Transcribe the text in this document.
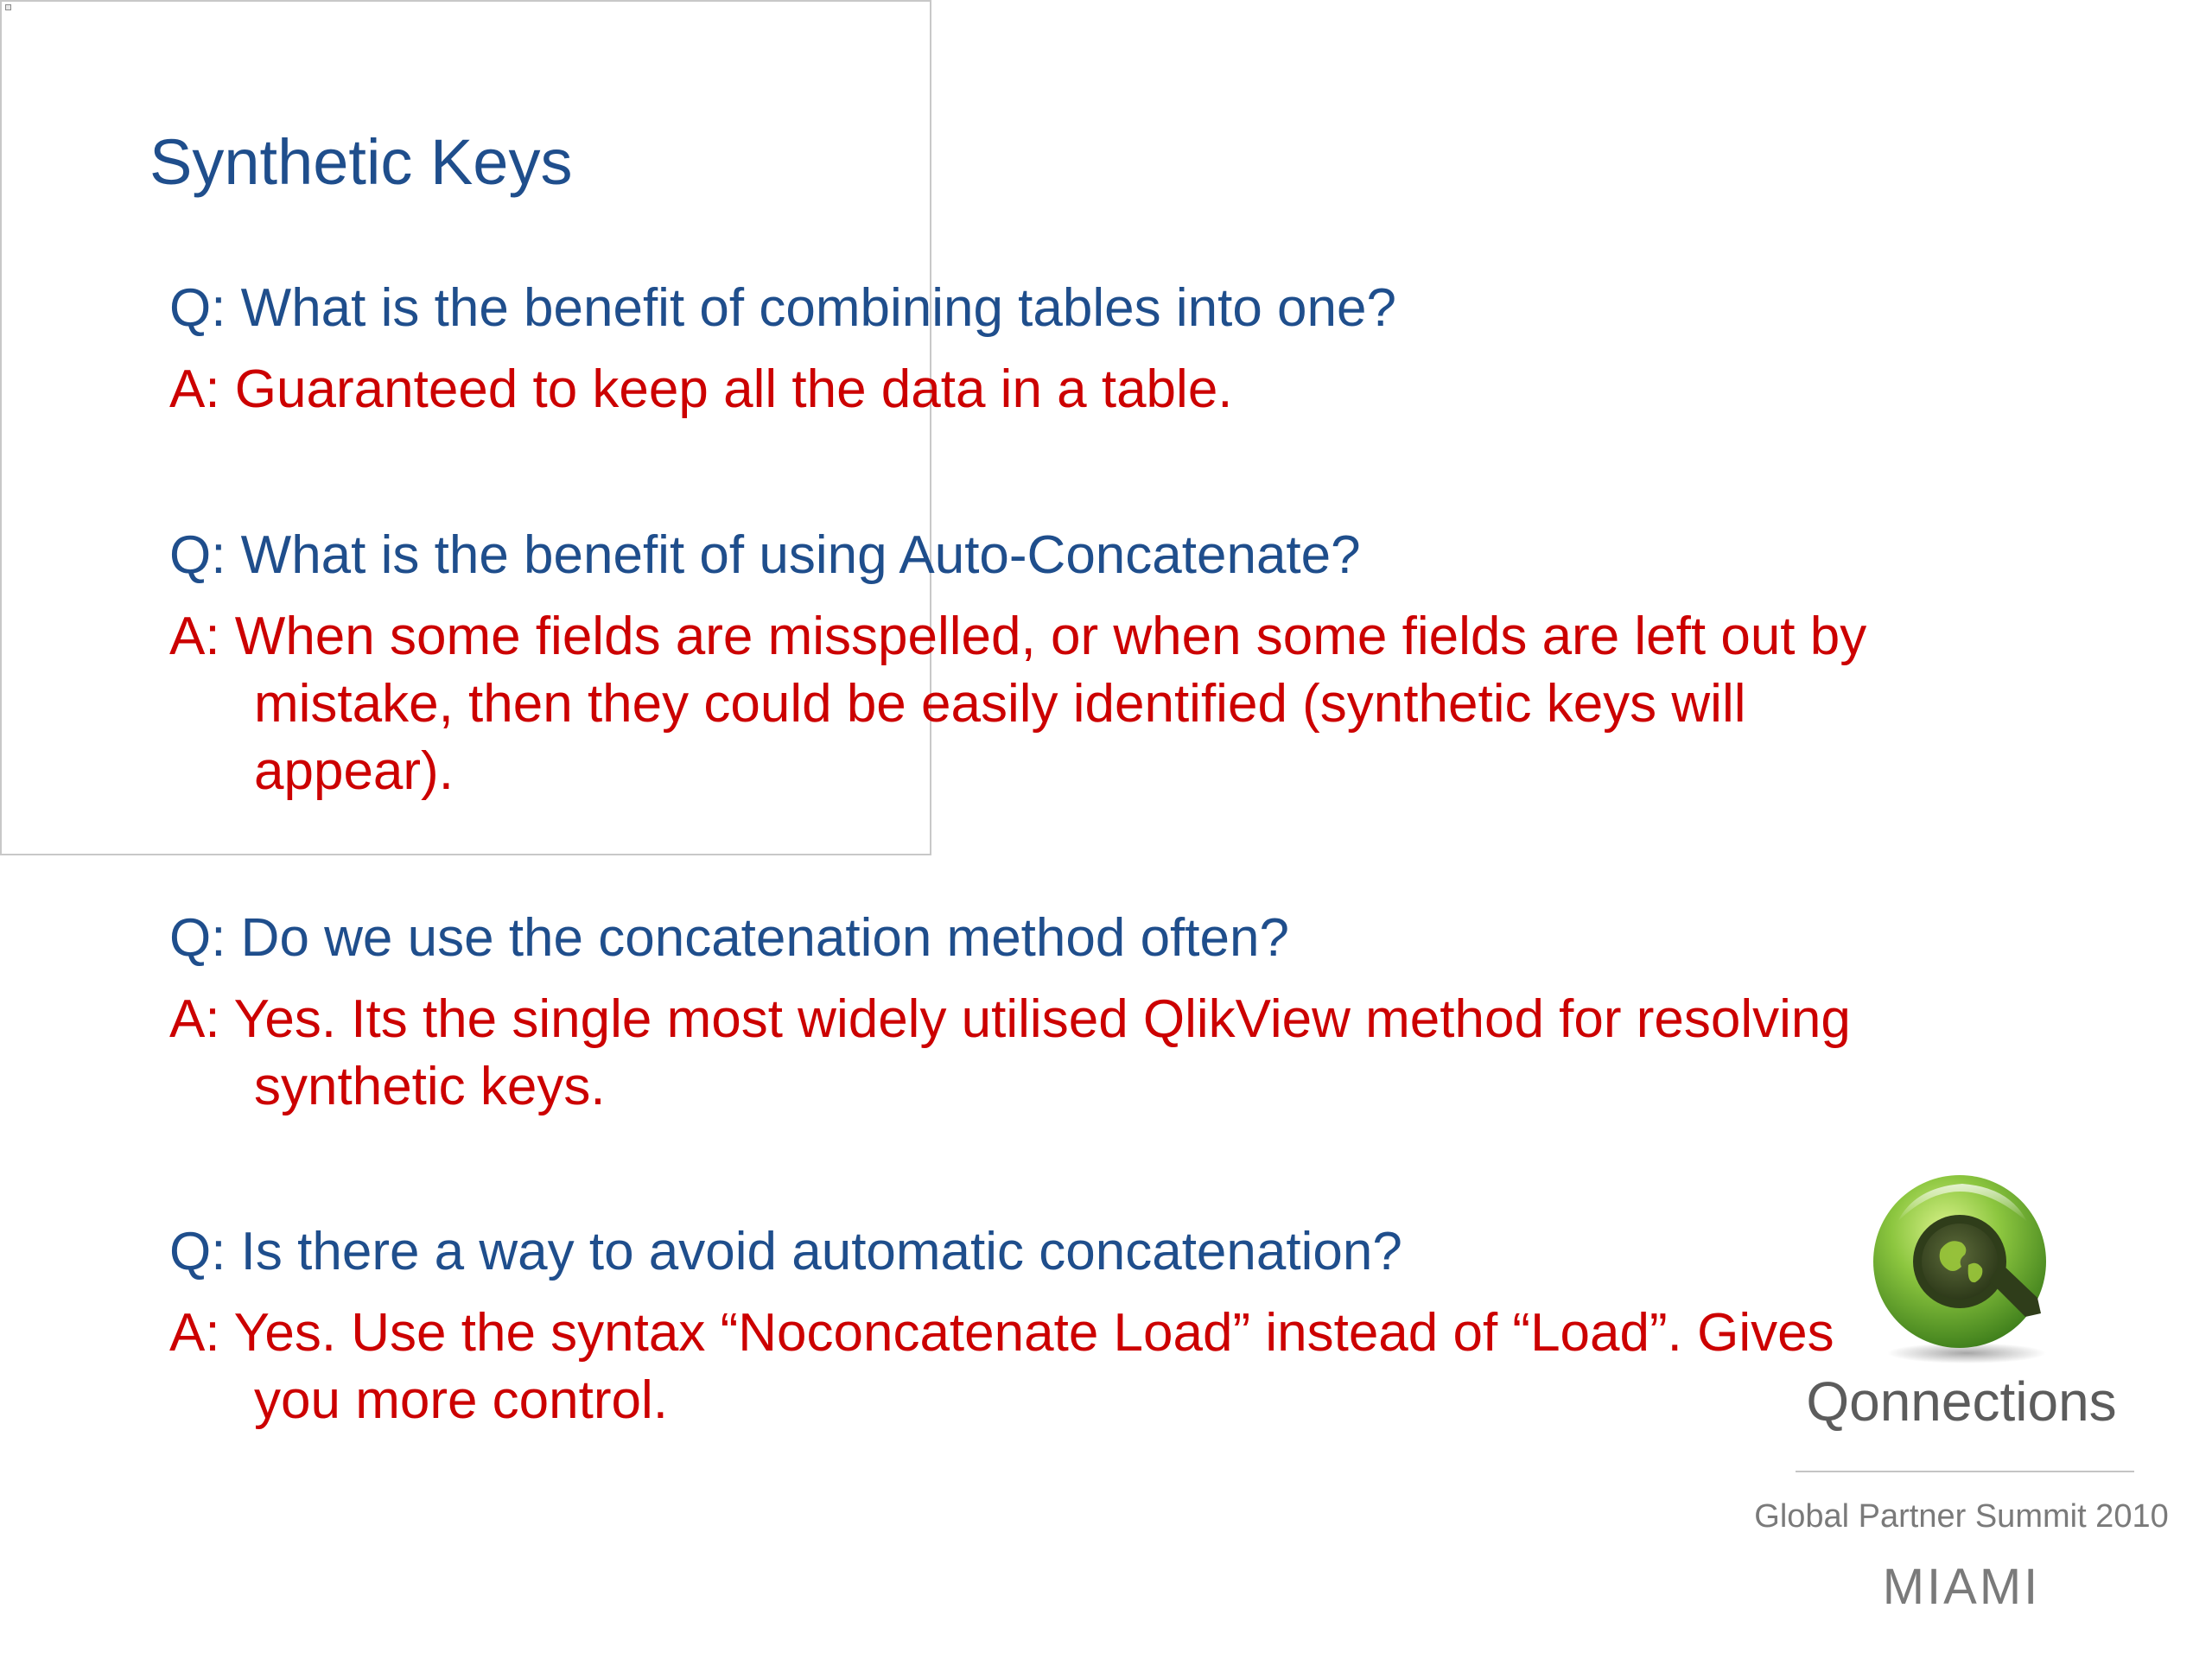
Synthetic Keys
Q: What is the benefit of combining tables into one?
A: Guaranteed to keep all the data in a table.
Q: What is the benefit of using Auto-Concatenate?
A: When some fields are misspelled, or when some fields are left out by mistake, then they could be easily identified (synthetic keys will appear).
Q: Do we use the concatenation method often?
A: Yes. Its the single most widely utilised QlikView method for resolving synthetic keys.
Q: Is there a way to avoid automatic concatenation?
A: Yes. Use the syntax “Noconcatenate Load” instead of “Load”. Gives you more control.	Qonnections
Global Partner Summit 2010
MIAMI
